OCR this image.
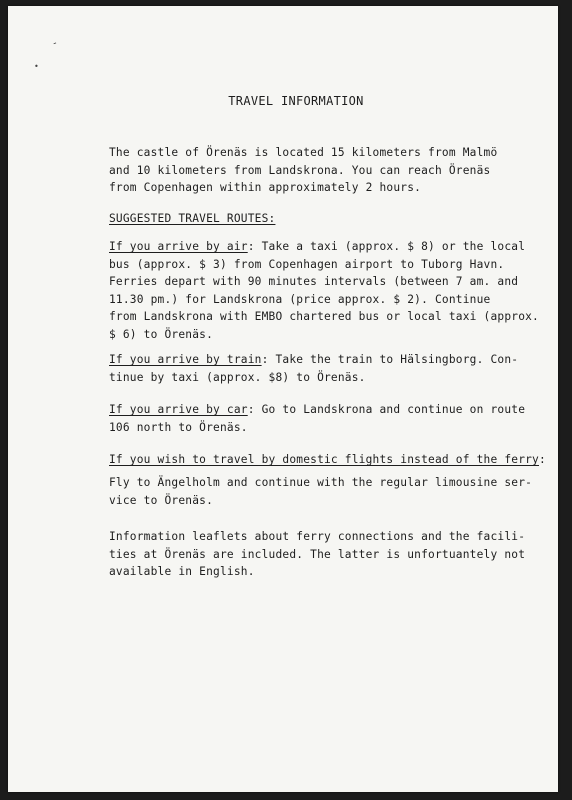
-
•
TRAVEL INFORMATION
The castle of Örenäs is located 15 kilometers from Malmö
and 10 kilometers from Landskrona. You can reach Örenäs
from Copenhagen within approximately 2 hours.
SUGGESTED TRAVEL ROUTES:
If you arrive by air: Take a taxi (approx. $ 8) or the local
bus (approx. $ 3) from Copenhagen airport to Tuborg Havn.
Ferries depart with 90 minutes intervals (between 7 am. and
11.30 pm.) for Landskrona (price approx. $ 2). Continue
from Landskrona with EMBO chartered bus or local taxi (approx.
$ 6) to Örenäs.
If you arrive by train: Take the train to Hälsingborg. Con-
tinue by taxi (approx. $8) to Örenäs.
If you arrive by car: Go to Landskrona and continue on route
106 north to Örenäs.
If you wish to travel by domestic flights instead of the ferry:
Fly to Ängelholm and continue with the regular limousine ser-
vice to Örenäs.
Information leaflets about ferry connections and the facili-
ties at Örenäs are included. The latter is unfortuantely not
available in English.
